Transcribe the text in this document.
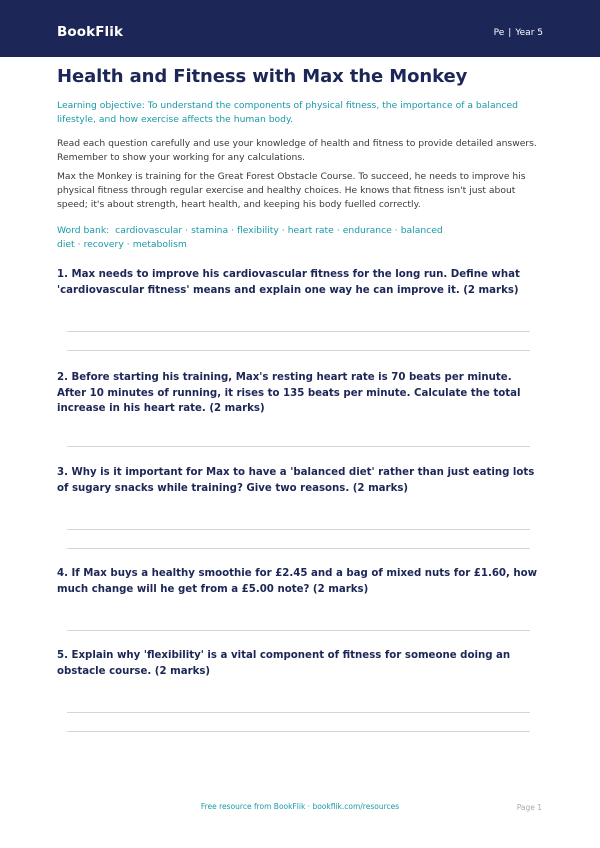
BookFlik	Pe | Year 5
Health and Fitness with Max the Monkey
Learning objective: To understand the components of physical fitness, the importance of a balanced lifestyle, and how exercise affects the human body.
Read each question carefully and use your knowledge of health and fitness to provide detailed answers. Remember to show your working for any calculations.
Max the Monkey is training for the Great Forest Obstacle Course. To succeed, he needs to improve his physical fitness through regular exercise and healthy choices. He knows that fitness isn't just about speed; it's about strength, heart health, and keeping his body fuelled correctly.
Word bank: cardiovascular · stamina · flexibility · heart rate · endurance · balanced diet · recovery · metabolism
1. Max needs to improve his cardiovascular fitness for the long run. Define what 'cardiovascular fitness' means and explain one way he can improve it. (2 marks)
2. Before starting his training, Max's resting heart rate is 70 beats per minute. After 10 minutes of running, it rises to 135 beats per minute. Calculate the total increase in his heart rate. (2 marks)
3. Why is it important for Max to have a 'balanced diet' rather than just eating lots of sugary snacks while training? Give two reasons. (2 marks)
4. If Max buys a healthy smoothie for £2.45 and a bag of mixed nuts for £1.60, how much change will he get from a £5.00 note? (2 marks)
5. Explain why 'flexibility' is a vital component of fitness for someone doing an obstacle course. (2 marks)
Free resource from BookFlik · bookflik.com/resources	Page 1
